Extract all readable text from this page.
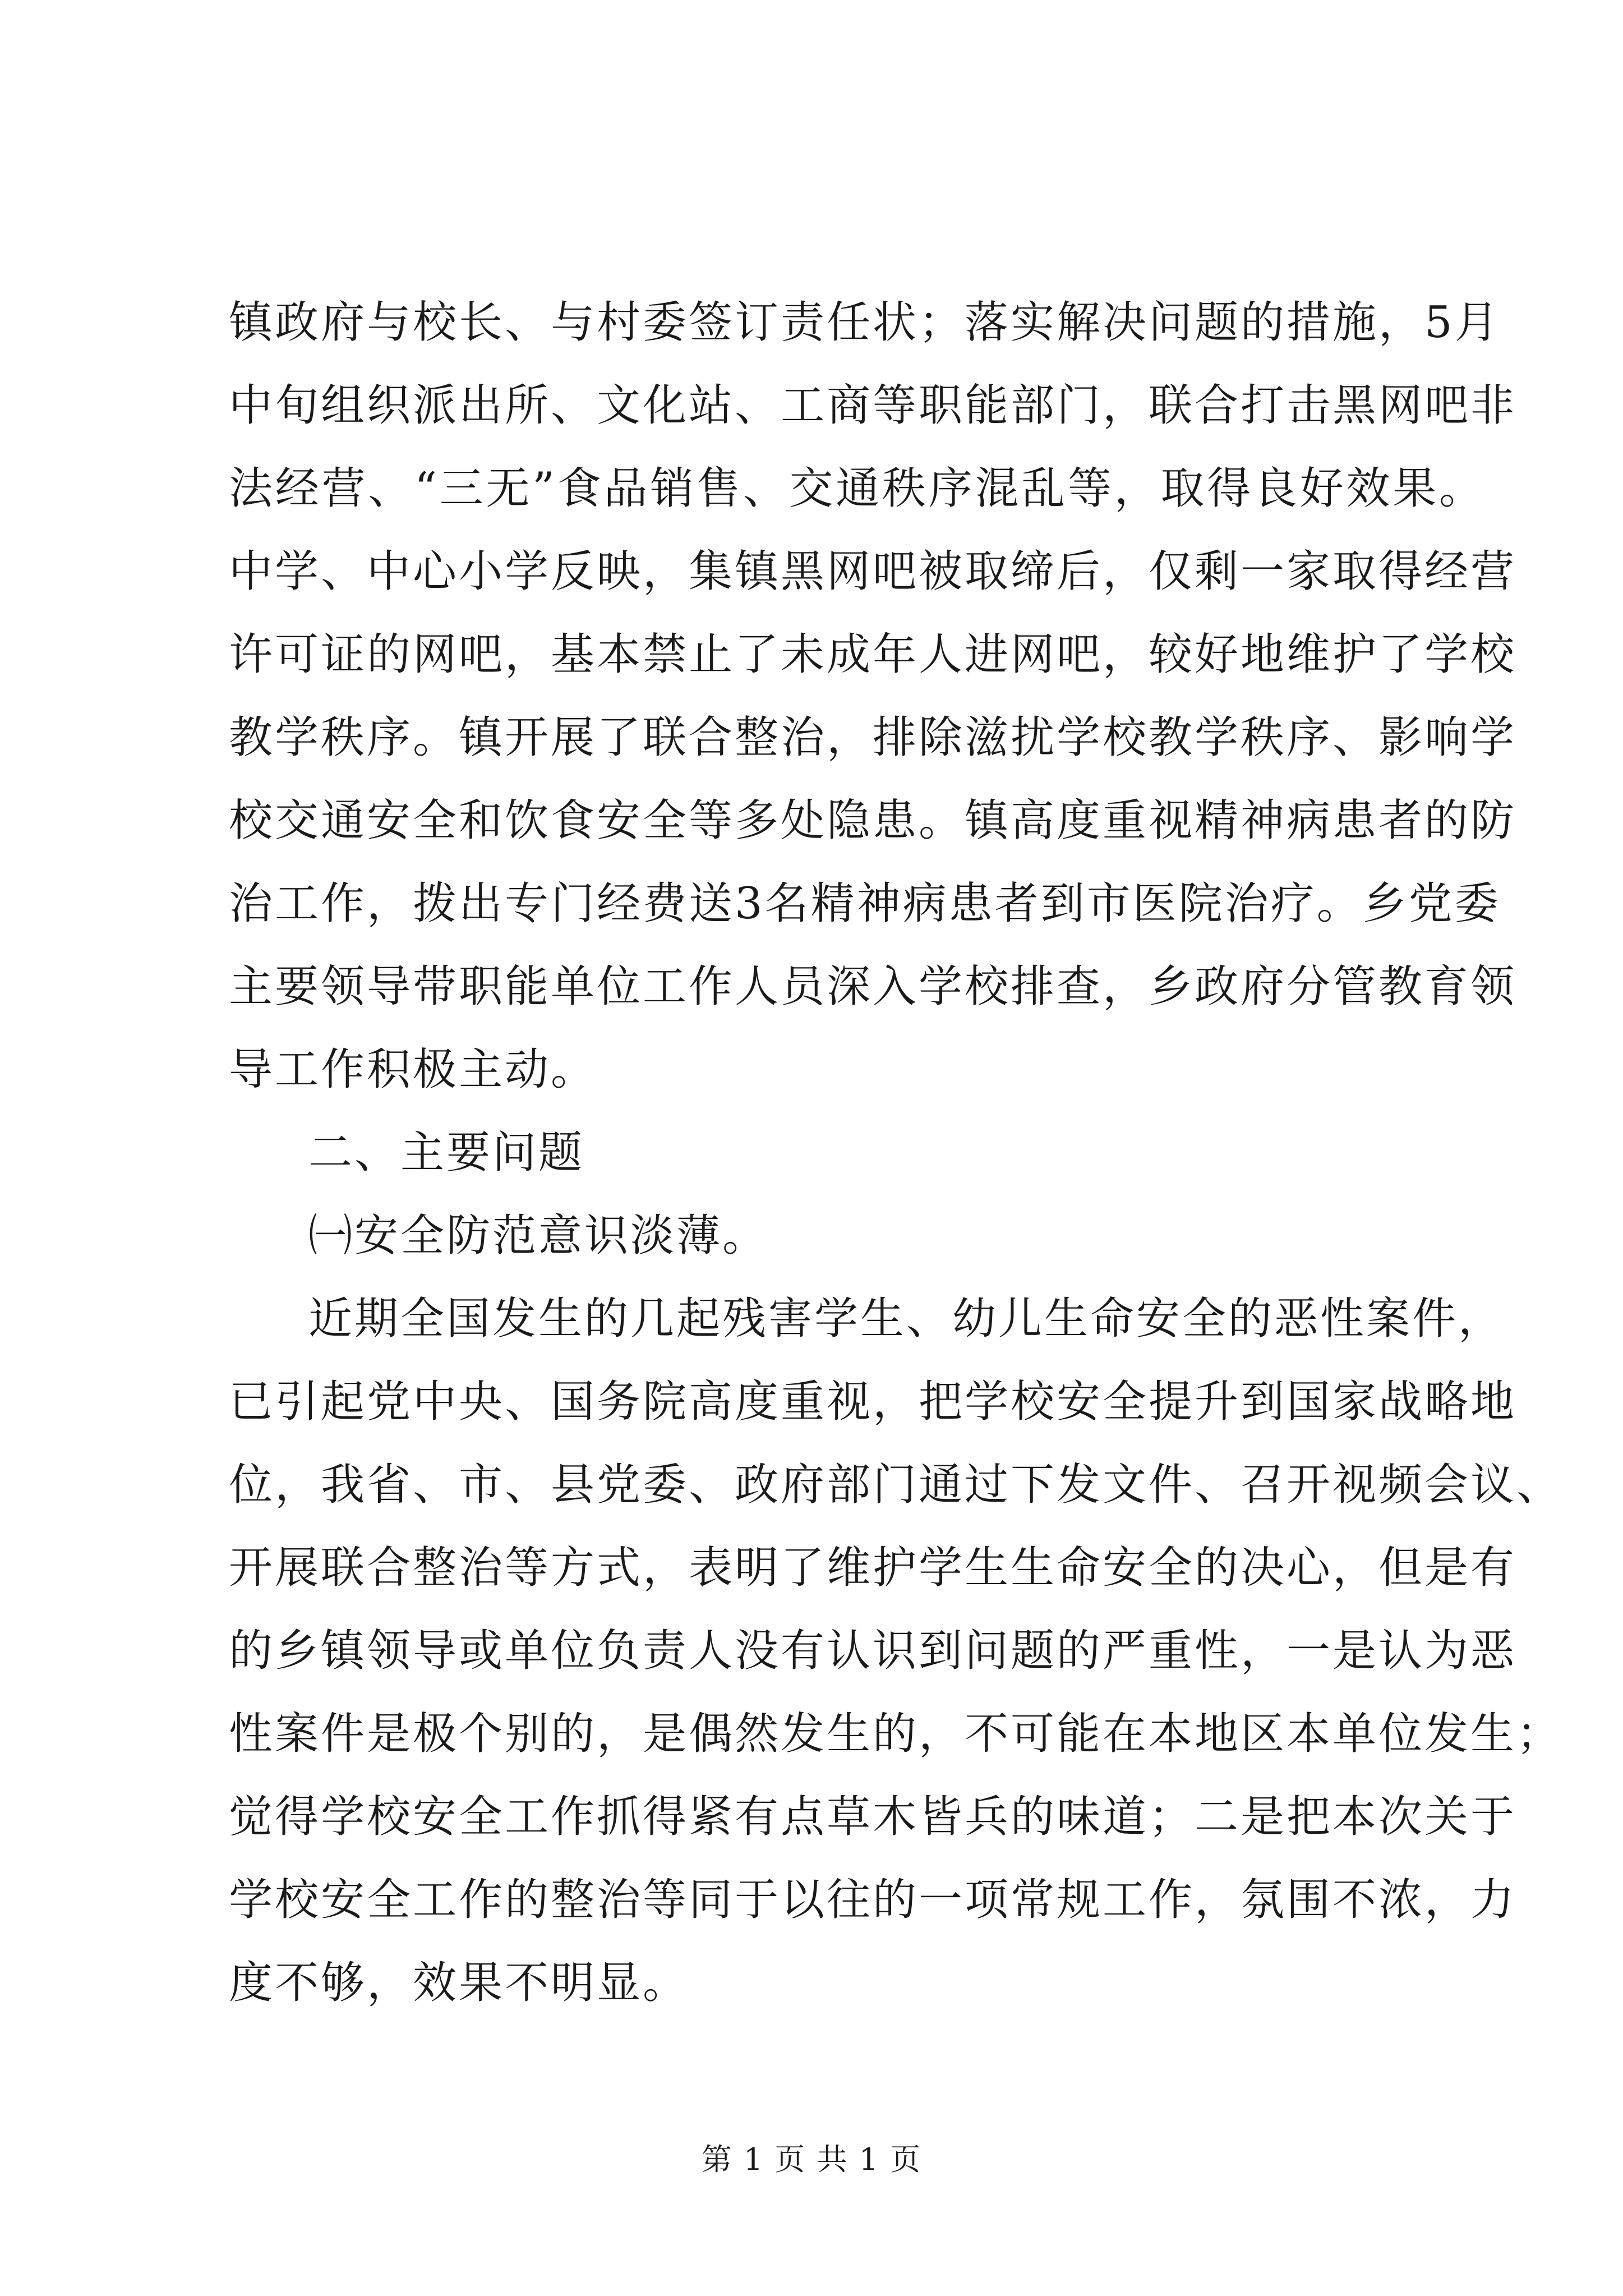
镇政府与校长、与村委签订责任状；落实解决问题的措施，5月
中旬组织派出所、文化站、工商等职能部门，联合打击黑网吧非
法经营、“三无”食品销售、交通秩序混乱等，取得良好效果。
中学、中心小学反映，集镇黑网吧被取缔后，仅剩一家取得经营
许可证的网吧，基本禁止了未成年人进网吧，较好地维护了学校
教学秩序。镇开展了联合整治，排除滋扰学校教学秩序、影响学
校交通安全和饮食安全等多处隐患。镇高度重视精神病患者的防
治工作，拨出专门经费送3名精神病患者到市医院治疗。乡党委
主要领导带职能单位工作人员深入学校排查，乡政府分管教育领
导工作积极主动。
二、主要问题
㈠安全防范意识淡薄。
近期全国发生的几起残害学生、幼儿生命安全的恶性案件，
已引起党中央、国务院高度重视，把学校安全提升到国家战略地
位，我省、市、县党委、政府部门通过下发文件、召开视频会议、
开展联合整治等方式，表明了维护学生生命安全的决心，但是有
的乡镇领导或单位负责人没有认识到问题的严重性，一是认为恶
性案件是极个别的，是偶然发生的，不可能在本地区本单位发生；
觉得学校安全工作抓得紧有点草木皆兵的味道；二是把本次关于
学校安全工作的整治等同于以往的一项常规工作，氛围不浓，力
度不够，效果不明显。
第 1 页 共 1 页
